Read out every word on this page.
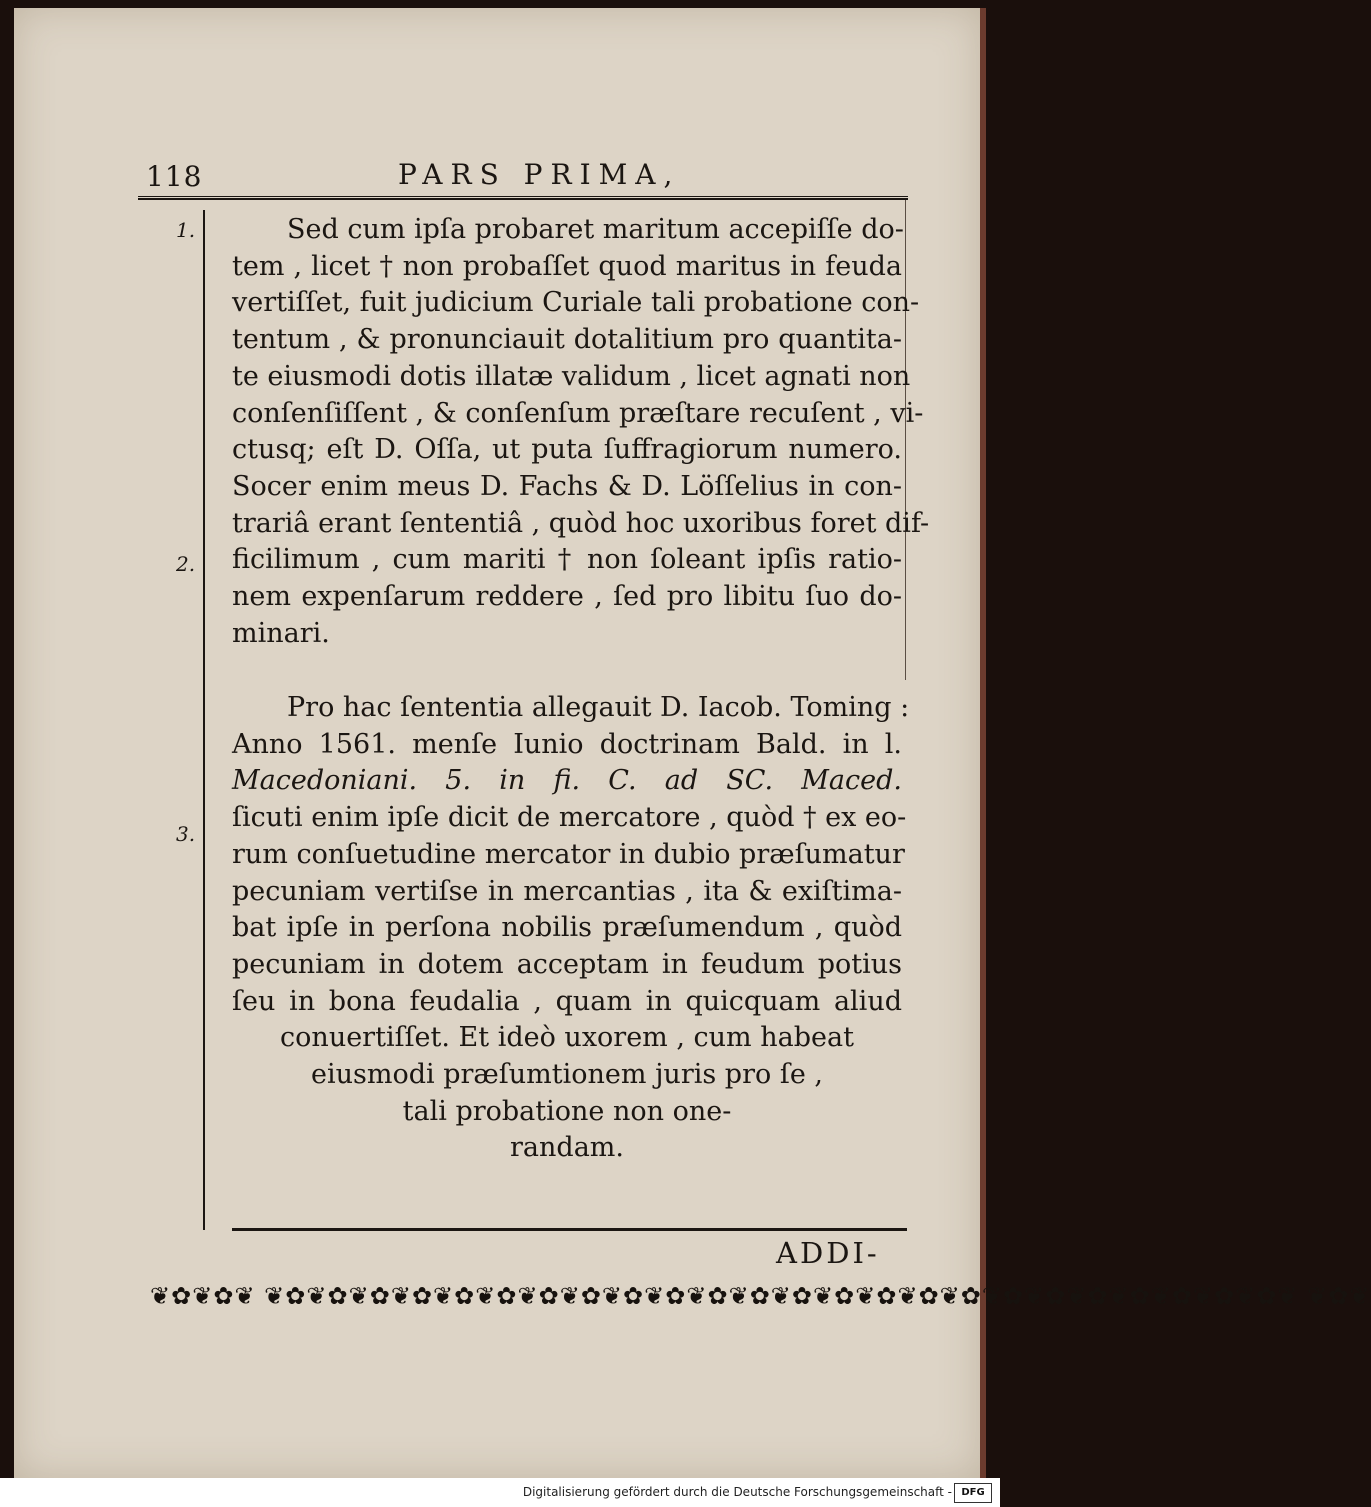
118	PARS PRIMA,
1.
2.
3.
Sed cum ipſa probaret maritum accepiſſe do-
tem , licet † non probaſſet quod maritus in feuda
vertiſſet, fuit judicium Curiale tali probatione con-
tentum , & pronunciauit dotalitium pro quantita-
te eiusmodi dotis illatæ validum , licet agnati non
conſenſiſſent , & conſenſum præſtare recuſent , vi-
ctusq; eſt D. Oſſa, ut puta ſuffragiorum numero.
Socer enim meus D. Fachs & D. Löſſelius in con-
trariâ erant ſententiâ , quòd hoc uxoribus foret dif-
ficilimum , cum mariti † non ſoleant ipſis ratio-
nem expenſarum reddere , ſed pro libitu ſuo do-
minari.
Pro hac ſententia allegauit D. Iacob. Toming :
Anno 1561. menſe Iunio doctrinam Bald. in l.
Macedoniani. 5. in fi. C. ad SC. Maced.
ſicuti enim ipſe dicit de mercatore , quòd † ex eo-
rum conſuetudine mercator in dubio præſumatur
pecuniam vertiſse in mercantias , ita & exiſtima-
bat ipſe in perſona nobilis præſumendum , quòd
pecuniam in dotem acceptam in feudum potius
ſeu in bona feudalia , quam in quicquam aliud
conuertiſſet. Et ideò uxorem , cum habeat
eiusmodi præſumtionem juris pro ſe ,
tali probatione non one-
randam.
ADDI-
❦✿❦✿❦ ❦✿❦✿❦✿❦✿❦✿❦✿❦✿❦✿❦✿❦✿❦✿❦✿❦✿❦✿❦✿❦✿❦✿❦✿❦✿❦✿❦✿❦✿❦✿❦✿❦ ❦✿❦
Digitalisierung gefördert durch die Deutsche Forschungsgemeinschaft - DFG
